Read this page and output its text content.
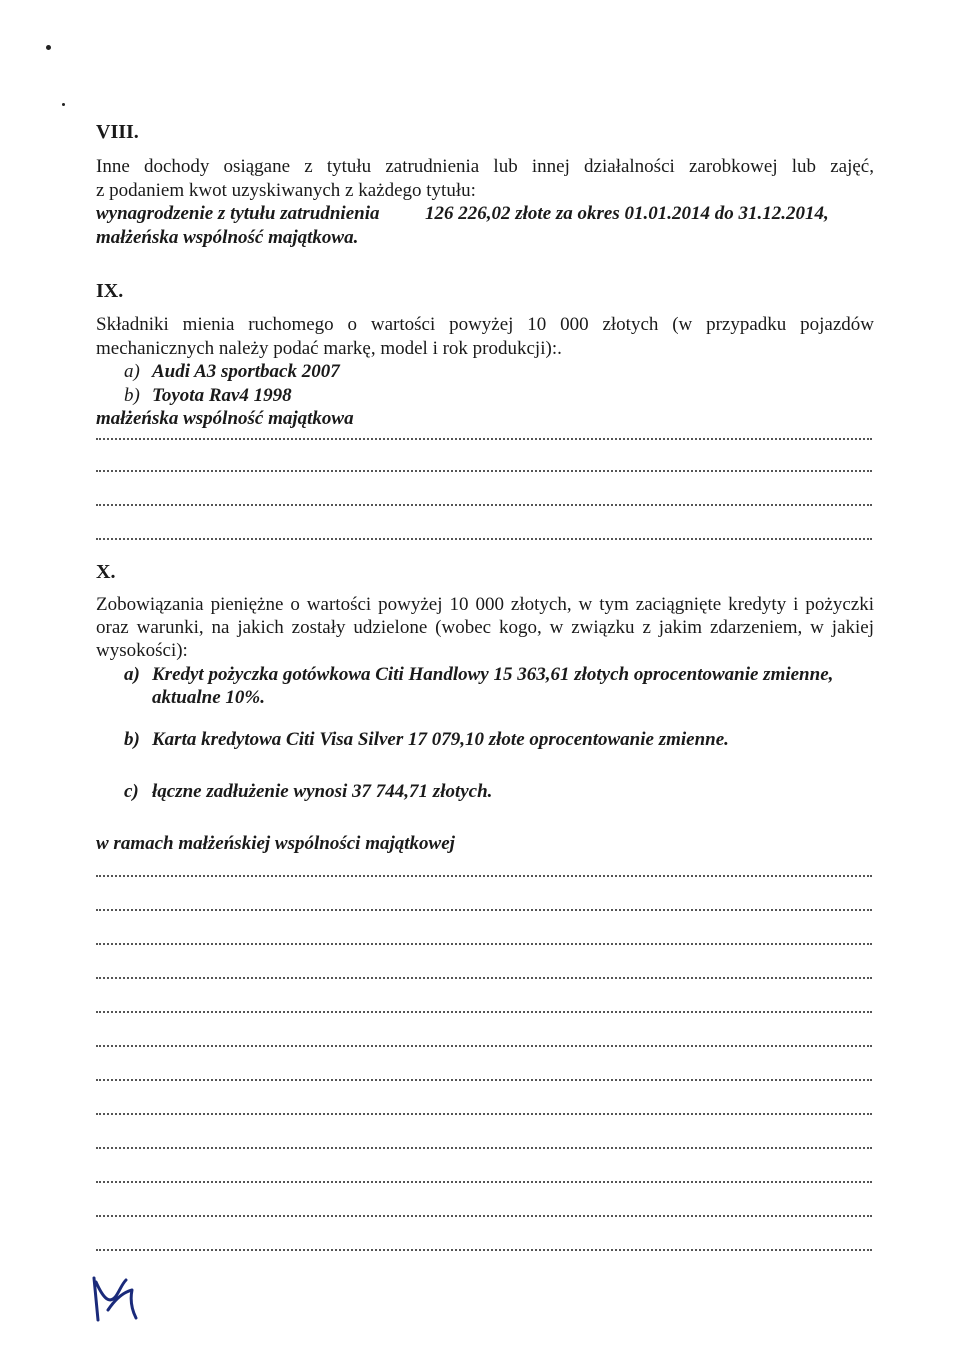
VIII.
Inne dochody osiągane z tytułu zatrudnienia lub innej działalności zarobkowej lub zajęć,
z podaniem kwot uzyskiwanych z każdego tytułu:
wynagrodzenie z tytułu zatrudnienia 126 226,02 złote za okres 01.01.2014 do 31.12.2014,
małżeńska wspólność majątkowa.
IX.
Składniki mienia ruchomego o wartości powyżej 10 000 złotych (w przypadku pojazdów
mechanicznych należy podać markę, model i rok produkcji):.
a) Audi A3 sportback 2007
b) Toyota Rav4 1998
małżeńska wspólność majątkowa
X.
Zobowiązania pieniężne o wartości powyżej 10 000 złotych, w tym zaciągnięte kredyty i pożyczki
oraz warunki, na jakich zostały udzielone (wobec kogo, w związku z jakim zdarzeniem, w jakiej
wysokości):
a) Kredyt pożyczka gotówkowa Citi Handlowy 15 363,61 złotych oprocentowanie zmienne,
aktualne 10%.
b) Karta kredytowa Citi Visa Silver 17 079,10 złote oprocentowanie zmienne.
c) łączne zadłużenie wynosi 37 744,71 złotych.
w ramach małżeńskiej wspólności majątkowej
